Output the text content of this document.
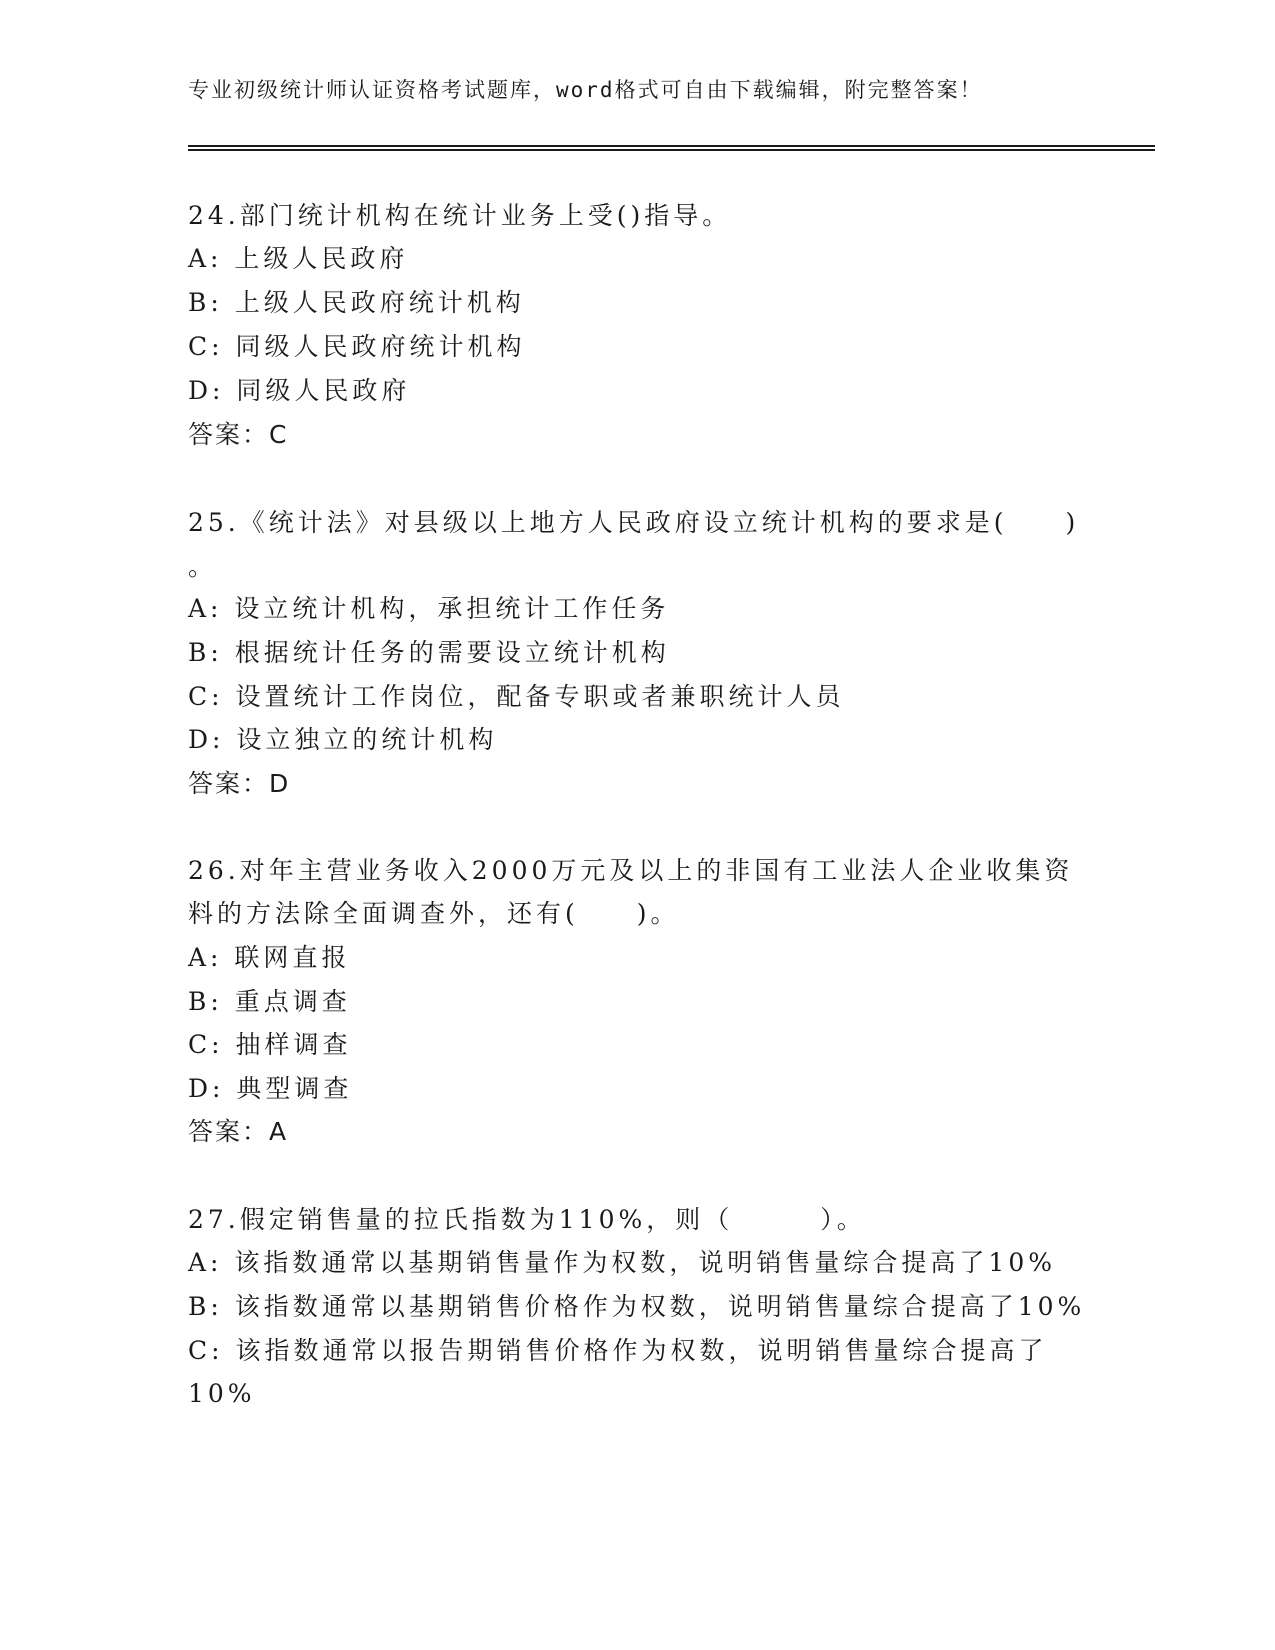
专业初级统计师认证资格考试题库，word格式可自由下载编辑，附完整答案！
24.部门统计机构在统计业务上受()指导。
A: 上级人民政府
B: 上级人民政府统计机构
C: 同级人民政府统计机构
D: 同级人民政府
答案：C
25.《统计法》对县级以上地方人民政府设立统计机构的要求是(　　)
。
A: 设立统计机构，承担统计工作任务
B: 根据统计任务的需要设立统计机构
C: 设置统计工作岗位，配备专职或者兼职统计人员
D: 设立独立的统计机构
答案：D
26.对年主营业务收入2000万元及以上的非国有工业法人企业收集资
料的方法除全面调查外，还有(　　)。
A: 联网直报
B: 重点调查
C: 抽样调查
D: 典型调查
答案：A
27.假定销售量的拉氏指数为110%，则（　　　）。
A: 该指数通常以基期销售量作为权数，说明销售量综合提高了10%
B: 该指数通常以基期销售价格作为权数，说明销售量综合提高了10%
C: 该指数通常以报告期销售价格作为权数，说明销售量综合提高了
10%
